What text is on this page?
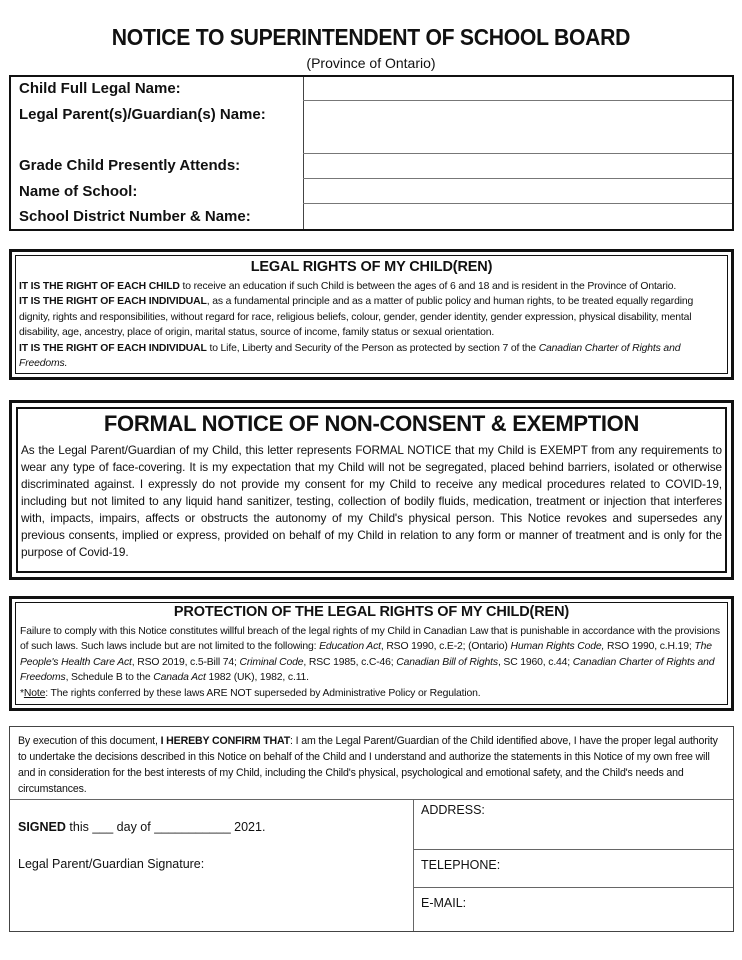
NOTICE TO SUPERINTENDENT OF SCHOOL BOARD
(Province of Ontario)
Child Full Legal Name:
Legal Parent(s)/Guardian(s) Name:
Grade Child Presently Attends:
Name of School:
School District Number & Name:
LEGAL RIGHTS OF MY CHILD(REN)

IT IS THE RIGHT OF EACH CHILD to receive an education if such Child is between the ages of 6 and 18 and is resident in the Province of Ontario.

IT IS THE RIGHT OF EACH INDIVIDUAL, as a fundamental principle and as a matter of public policy and human rights, to be treated equally regarding dignity, rights and responsibilities, without regard for race, religious beliefs, colour, gender, gender identity, gender expression, physical disability, mental disability, age, ancestry, place of origin, marital status, source of income, family status or sexual orientation.

IT IS THE RIGHT OF EACH INDIVIDUAL to Life, Liberty and Security of the Person as protected by section 7 of the Canadian Charter of Rights and Freedoms.

FORMAL NOTICE OF NON-CONSENT & EXEMPTION
As the Legal Parent/Guardian of my Child, this letter represents FORMAL NOTICE that my Child is EXEMPT from any requirements to wear any type of face-covering. It is my expectation that my Child will not be segregated, placed behind barriers, isolated or otherwise discriminated against. I expressly do not provide my consent for my Child to receive any medical procedures related to COVID-19, including but not limited to any liquid hand sanitizer, testing, collection of bodily fluids, medication, treatment or injection that interferes with, impacts, impairs, affects or obstructs the autonomy of my Child's physical person. This Notice revokes and supersedes any previous consents, implied or express, provided on behalf of my Child in relation to any form or manner of treatment and is only for the purpose of Covid-19.
PROTECTION OF THE LEGAL RIGHTS OF MY CHILD(REN)

Failure to comply with this Notice constitutes willful breach of the legal rights of my Child in Canadian Law that is punishable in accordance with the provisions of such laws. Such laws include but are not limited to the following: Education Act, RSO 1990, c.E-2; (Ontario) Human Rights Code, RSO 1990, c.H.19; The People's Health Care Act, RSO 2019, c.5-Bill 74; Criminal Code, RSC 1985, c.C-46; Canadian Bill of Rights, SC 1960, c.44; Canadian Charter of Rights and Freedoms, Schedule B to the Canada Act 1982 (UK), 1982, c.11.

*Note: The rights conferred by these laws ARE NOT superseded by Administrative Policy or Regulation.

By execution of this document, I HEREBY CONFIRM THAT: I am the Legal Parent/Guardian of the Child identified above, I have the proper legal authority to undertake the decisions described in this Notice on behalf of the Child and I understand and authorize the statements in this Notice of my own free will and in consideration for the best interests of my Child, including the Child's physical, psychological and emotional safety, and the Child's needs and circumstances.
SIGNED this ___ day of ___________ 2021.
Legal Parent/Guardian Signature:
ADDRESS:
TELEPHONE:
E-MAIL:
